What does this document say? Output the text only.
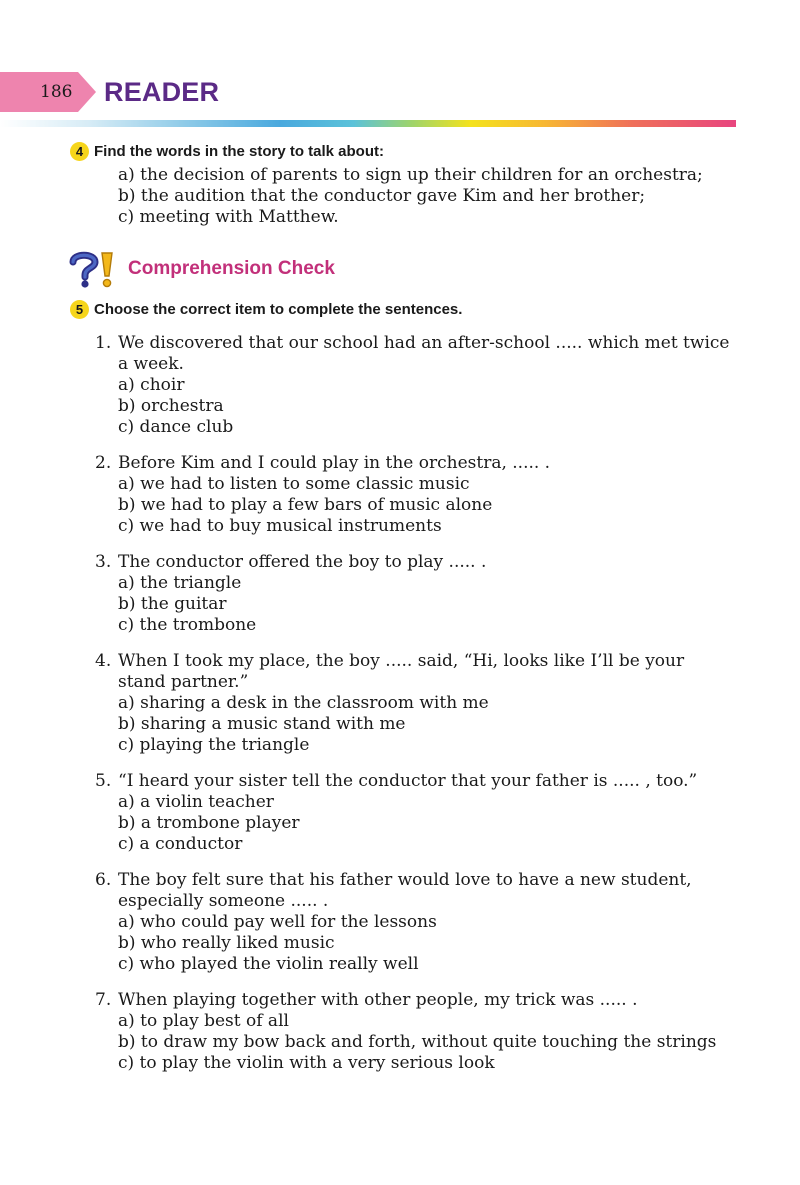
186 READER
4 Find the words in the story to talk about:
a) the decision of parents to sign up their children for an orchestra;
b) the audition that the conductor gave Kim and her brother;
c) meeting with Matthew.
Comprehension Check
5 Choose the correct item to complete the sentences.
1. We discovered that our school had an after-school ..... which met twice a week.
a) choir
b) orchestra
c) dance club
2. Before Kim and I could play in the orchestra, ..... .
a) we had to listen to some classic music
b) we had to play a few bars of music alone
c) we had to buy musical instruments
3. The conductor offered the boy to play ..... .
a) the triangle
b) the guitar
c) the trombone
4. When I took my place, the boy ..... said, “Hi, looks like I’ll be your stand partner.”
a) sharing a desk in the classroom with me
b) sharing a music stand with me
c) playing the triangle
5. “I heard your sister tell the conductor that your father is ..... , too.”
a) a violin teacher
b) a trombone player
c) a conductor
6. The boy felt sure that his father would love to have a new student, especially someone ..... .
a) who could pay well for the lessons
b) who really liked music
c) who played the violin really well
7. When playing together with other people, my trick was ..... .
a) to play best of all
b) to draw my bow back and forth, without quite touching the strings
c) to play the violin with a very serious look
